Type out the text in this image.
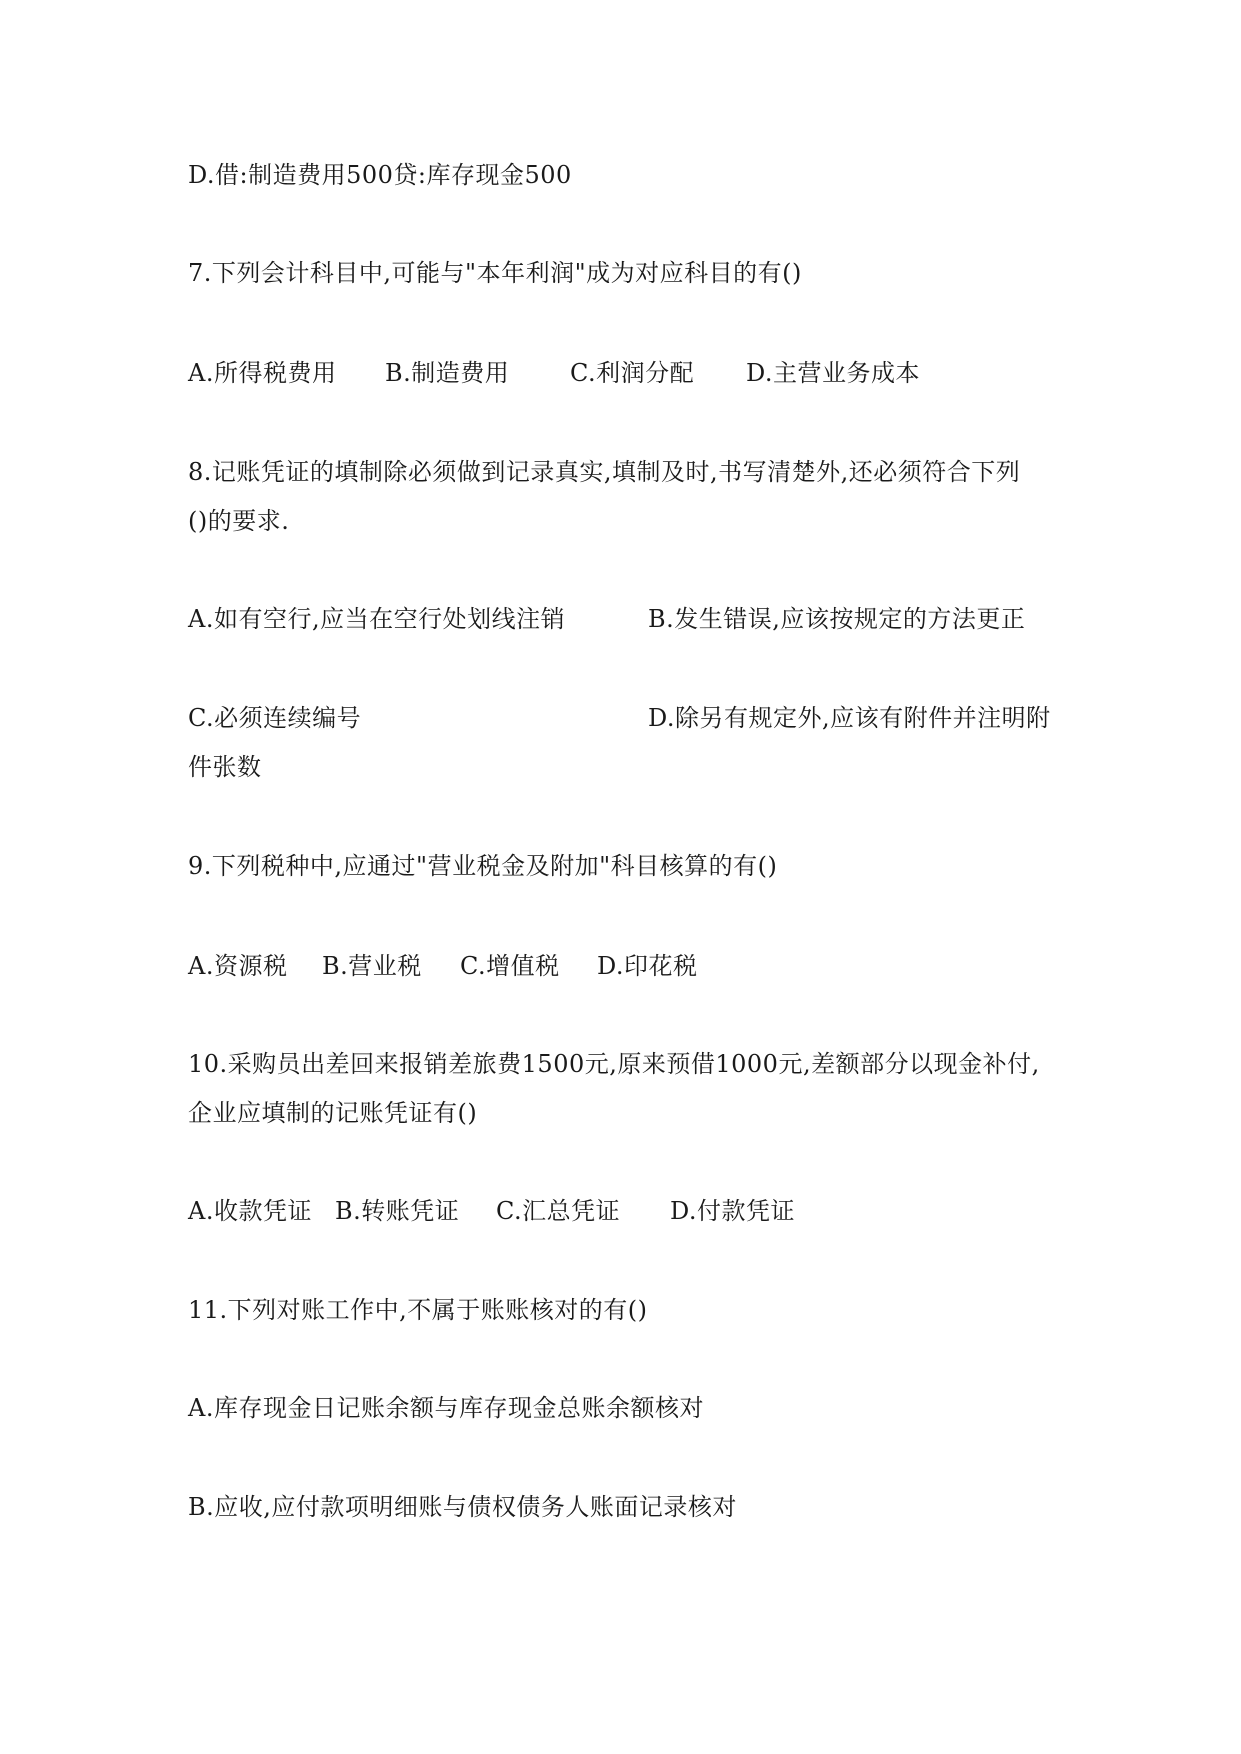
D.借:制造费用500贷:库存现金500
7.下列会计科目中,可能与"本年利润"成为对应科目的有()
A.所得税费用 B.制造费用	C.利润分配 D.主营业务成本
8.记账凭证的填制除必须做到记录真实,填制及时,书写清楚外,还必须符合下列
()的要求.
A.如有空行,应当在空行处划线注销	B.发生错误,应该按规定的方法更正
C.必须连续编号	D.除另有规定外,应该有附件并注明附
件张数
9.下列税种中,应通过"营业税金及附加"科目核算的有()
A.资源税 B.营业税 C.增值税 D.印花税
10.采购员出差回来报销差旅费1500元,原来预借1000元,差额部分以现金补付,
企业应填制的记账凭证有()
A.收款凭证 B.转账凭证 C.汇总凭证 D.付款凭证
11.下列对账工作中,不属于账账核对的有()
A.库存现金日记账余额与库存现金总账余额核对
B.应收,应付款项明细账与债权债务人账面记录核对
